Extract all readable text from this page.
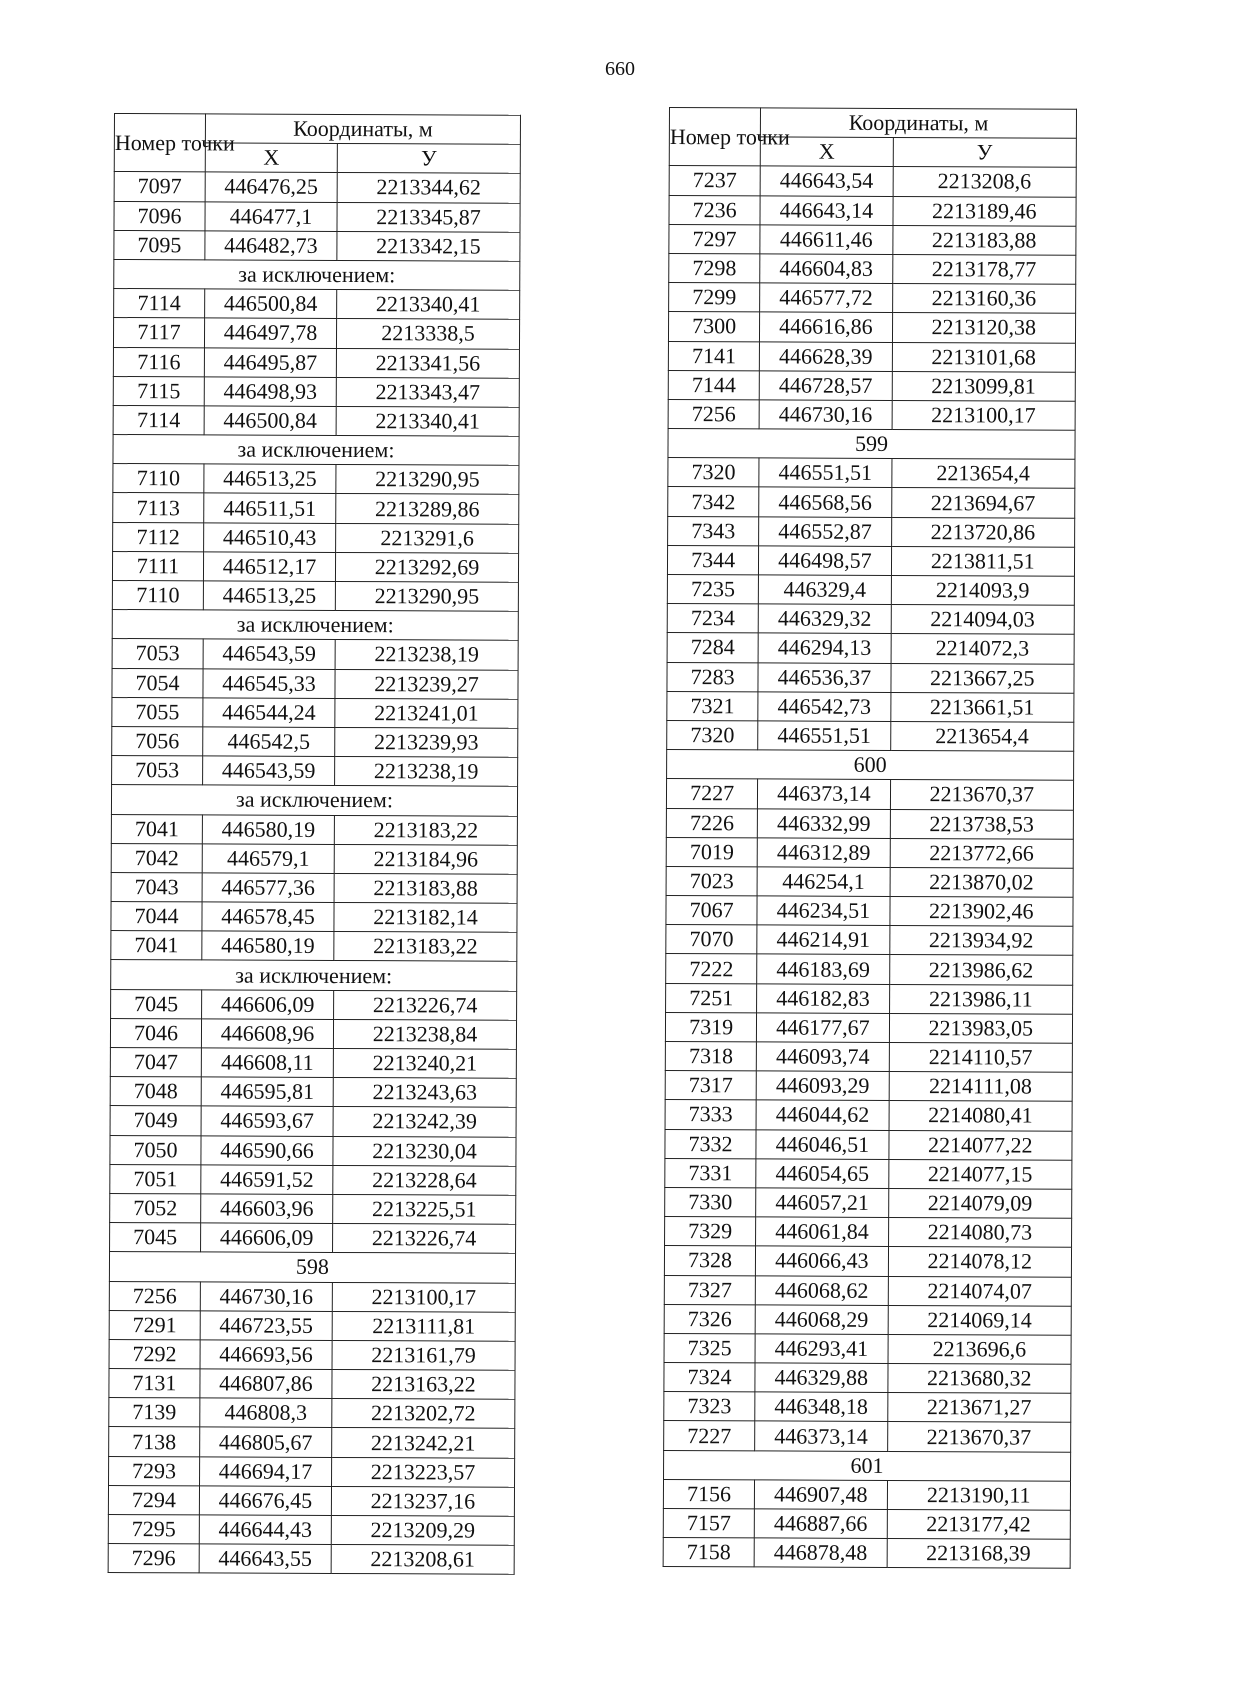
660
Номер точки	Координаты, м	
	X	У
7097	446476,25	2213344,62
7096	446477,1	2213345,87
7095	446482,73	2213342,15
за исключением:		
7114	446500,84	2213340,41
7117	446497,78	2213338,5
7116	446495,87	2213341,56
7115	446498,93	2213343,47
7114	446500,84	2213340,41
за исключением:		
7110	446513,25	2213290,95
7113	446511,51	2213289,86
7112	446510,43	2213291,6
7111	446512,17	2213292,69
7110	446513,25	2213290,95
за исключением:		
7053	446543,59	2213238,19
7054	446545,33	2213239,27
7055	446544,24	2213241,01
7056	446542,5	2213239,93
7053	446543,59	2213238,19
за исключением:		
7041	446580,19	2213183,22
7042	446579,1	2213184,96
7043	446577,36	2213183,88
7044	446578,45	2213182,14
7041	446580,19	2213183,22
за исключением:		
7045	446606,09	2213226,74
7046	446608,96	2213238,84
7047	446608,11	2213240,21
7048	446595,81	2213243,63
7049	446593,67	2213242,39
7050	446590,66	2213230,04
7051	446591,52	2213228,64
7052	446603,96	2213225,51
7045	446606,09	2213226,74
598		
7256	446730,16	2213100,17
7291	446723,55	2213111,81
7292	446693,56	2213161,79
7131	446807,86	2213163,22
7139	446808,3	2213202,72
7138	446805,67	2213242,21
7293	446694,17	2213223,57
7294	446676,45	2213237,16
7295	446644,43	2213209,29
7296	446643,55	2213208,61
Номер точки	Координаты, м	
	X	У
7237	446643,54	2213208,6
7236	446643,14	2213189,46
7297	446611,46	2213183,88
7298	446604,83	2213178,77
7299	446577,72	2213160,36
7300	446616,86	2213120,38
7141	446628,39	2213101,68
7144	446728,57	2213099,81
7256	446730,16	2213100,17
599		
7320	446551,51	2213654,4
7342	446568,56	2213694,67
7343	446552,87	2213720,86
7344	446498,57	2213811,51
7235	446329,4	2214093,9
7234	446329,32	2214094,03
7284	446294,13	2214072,3
7283	446536,37	2213667,25
7321	446542,73	2213661,51
7320	446551,51	2213654,4
600		
7227	446373,14	2213670,37
7226	446332,99	2213738,53
7019	446312,89	2213772,66
7023	446254,1	2213870,02
7067	446234,51	2213902,46
7070	446214,91	2213934,92
7222	446183,69	2213986,62
7251	446182,83	2213986,11
7319	446177,67	2213983,05
7318	446093,74	2214110,57
7317	446093,29	2214111,08
7333	446044,62	2214080,41
7332	446046,51	2214077,22
7331	446054,65	2214077,15
7330	446057,21	2214079,09
7329	446061,84	2214080,73
7328	446066,43	2214078,12
7327	446068,62	2214074,07
7326	446068,29	2214069,14
7325	446293,41	2213696,6
7324	446329,88	2213680,32
7323	446348,18	2213671,27
7227	446373,14	2213670,37
601		
7156	446907,48	2213190,11
7157	446887,66	2213177,42
7158	446878,48	2213168,39
